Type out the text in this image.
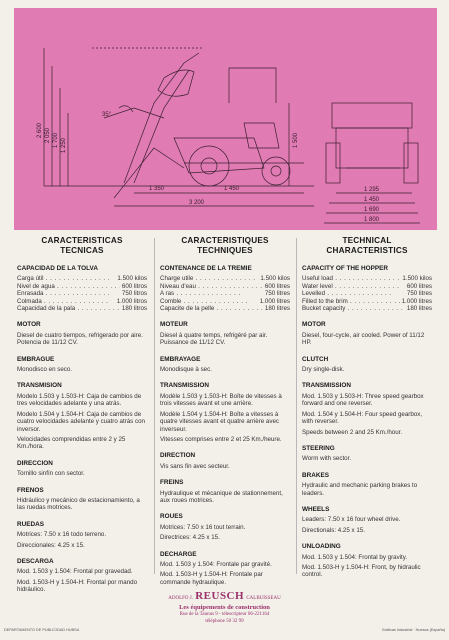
2 600 2 050 1 700 1 250
35°
1 500
1 350	1 450
3 200
1 295
1 450
1 690
1 800
CARACTERISTICAS
TECNICAS
CAPACIDAD DE LA TOLVA
Carga útil . . .	1.500 kilos
Nivel de agua . . .	600 litros
Enrasada . . .	750 litros
Colmada . . .	1.000 litros
Capacidad de la pala . . .	180 litros
MOTOR
Diesel de cuatro tiempos, refrigerado por aire. Potencia de 11/12 CV.
EMBRAGUE
Monodisco en seco.
TRANSMISION
Modelo 1.503 y 1.503-H: Caja de cambios de tres velocidades adelante y una atrás.
Modelo 1.504 y 1.504-H: Caja de cambios de cuatro velocidades adelante y cuatro atrás con inversor.
Velocidades comprendidas entre 2 y 25 Km./hora.
DIRECCION
Tornillo sinfín con sector.
FRENOS
Hidráulico y mecánico de estacionamiento, a las ruedas motrices.
RUEDAS
Motrices: 7.50 x 16 todo terreno.
Direccionales: 4.25 x 15.
DESCARGA
Mod. 1.503 y 1.504: Frontal por gravedad.
Mod. 1.503-H y 1.504-H: Frontal por mando hidráulico.
CARACTERISTIQUES
TECHNIQUES
CONTENANCE DE LA TREMIE
Charge utile . . .	1.500 kilos
Niveau d'eau . . .	600 litres
A ras . . .	750 litres
Comble . . .	1.000 litres
Capacite de la pelle . . .	180 litres
MOTEUR
Diesel à quatre temps, refrigéré par air. Puissance de 11/12 CV.
EMBRAYAGE
Monodisque à sec.
TRANSMISSION
Modèle 1.503 y 1.503-H: Boîte de vitesses à trois vitesses avant et une arrière.
Modèle 1.504 y 1.504-H: Boîte a vitesses à quatre vitesses avant et quatre arrière avec inverseur.
Vitesses comprises entre 2 et 25 Km./heure.
DIRECTION
Vis sans fin avec secteur.
FREINS
Hydraulique et mécanique de stationnement, aux roues motrices.
ROUES
Motrices: 7.50 x 16 tout terrain.
Directrices: 4.25 x 15.
DECHARGE
Mod. 1.503 y 1.504: Frontale par gravité.
Mod. 1.503-H y 1.504-H: Frontale par commande hydraulique.
TECHNICAL
CHARACTERISTICS
CAPACITY OF THE HOPPER
Useful load . . .	1.500 kilos
Water level . . .	600 litres
Levelled . . .	750 litres
Filled to the brim . . .	1.000 litres
Bucket capacity . . .	180 litres
MOTOR
Diesel, four-cycle, air cooled. Power of 11/12 HP.
CLUTCH
Dry single-disk.
TRANSMISSION
Mod. 1.503 y 1.503-H: Three speed gearbox forward and one reverser.
Mod. 1.504 y 1.504-H: Four speed gearbox, with reverser.
Speeds between 2 and 25 Km./hour.
STEERING
Worm with sector.
BRAKES
Hydraulic and mechanic parking brakes to leaders.
WHEELS
Leaders: 7.50 x 16 four wheel drive.
Directionals: 4.25 x 15.
UNLOADING
Mod. 1.503 y 1.504: Frontal by gravity.
Mod. 1.503-H y 1.504-H: Front, by hidraulic control.
ADOLFO J. REUSCH CALBUISSEAU
Les équipements de construction
Rue de la Taunus 9 - télescripteur 06-221164
téléphone 50 32 99
DEPARTAMENTO DE PUBLICIDAD HUBSA	Gráficas Industrial · Huesca (España)
